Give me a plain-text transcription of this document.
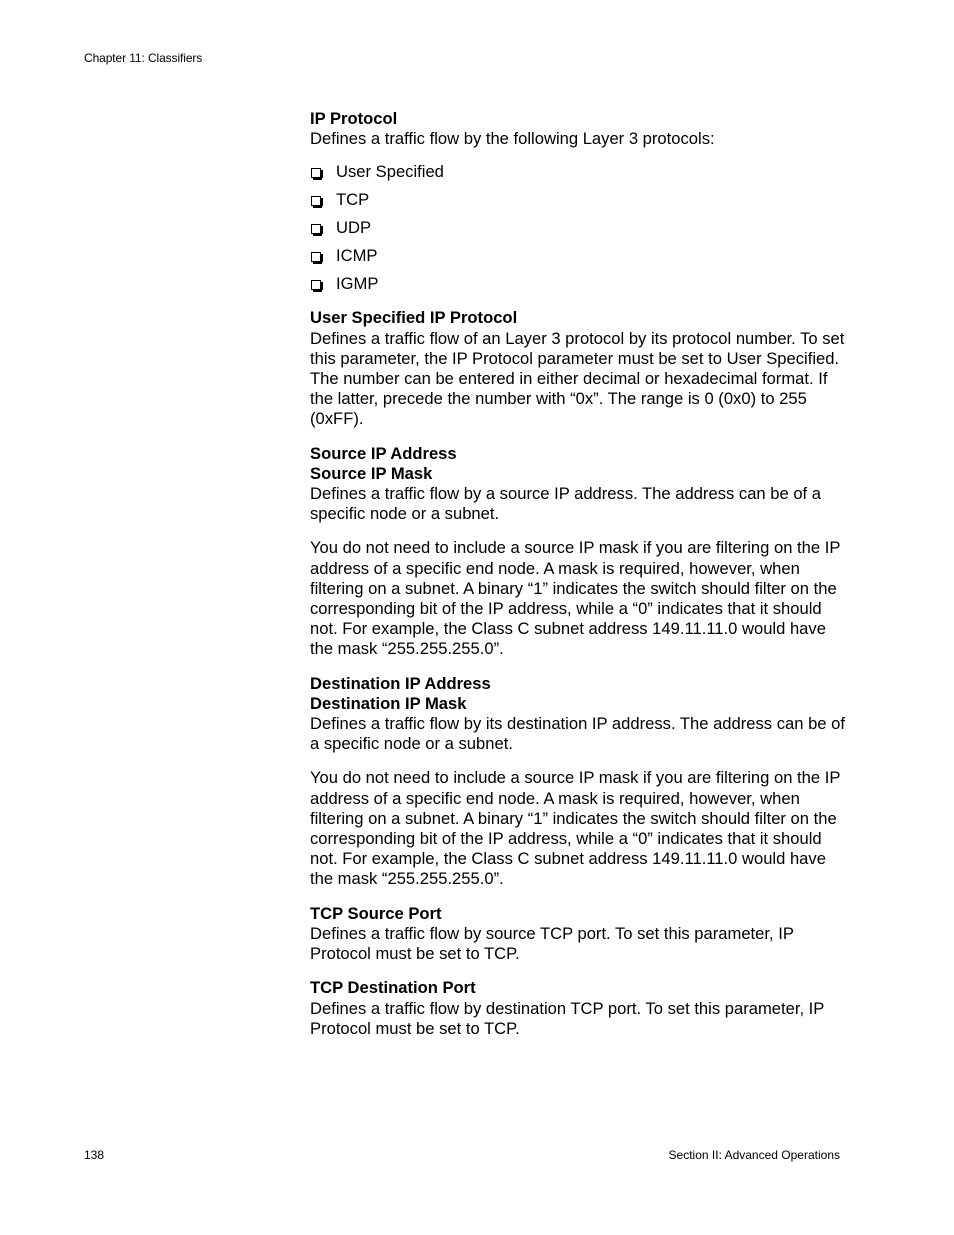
Chapter 11: Classifiers

IP Protocol

Defines a traffic flow by the following Layer 3 protocols:

User Specified
TCP
UDP
ICMP
IGMP

User Specified IP Protocol

Defines a traffic flow of an Layer 3 protocol by its protocol number. To set this parameter, the IP Protocol parameter must be set to User Specified. The number can be entered in either decimal or hexadecimal format. If the latter, precede the number with “0x”. The range is 0 (0x0) to 255 (0xFF).

Source IP Address

Source IP Mask

Defines a traffic flow by a source IP address. The address can be of a specific node or a subnet.

You do not need to include a source IP mask if you are filtering on the IP address of a specific end node. A mask is required, however, when filtering on a subnet. A binary “1” indicates the switch should filter on the corresponding bit of the IP address, while a “0” indicates that it should not. For example, the Class C subnet address 149.11.11.0 would have the mask “255.255.255.0”.

Destination IP Address

Destination IP Mask

Defines a traffic flow by its destination IP address. The address can be of a specific node or a subnet.

You do not need to include a source IP mask if you are filtering on the IP address of a specific end node. A mask is required, however, when filtering on a subnet. A binary “1” indicates the switch should filter on the corresponding bit of the IP address, while a “0” indicates that it should not. For example, the Class C subnet address 149.11.11.0 would have the mask “255.255.255.0”.

TCP Source Port

Defines a traffic flow by source TCP port. To set this parameter, IP Protocol must be set to TCP.

TCP Destination Port

Defines a traffic flow by destination TCP port. To set this parameter, IP Protocol must be set to TCP.

138	Section II: Advanced Operations
